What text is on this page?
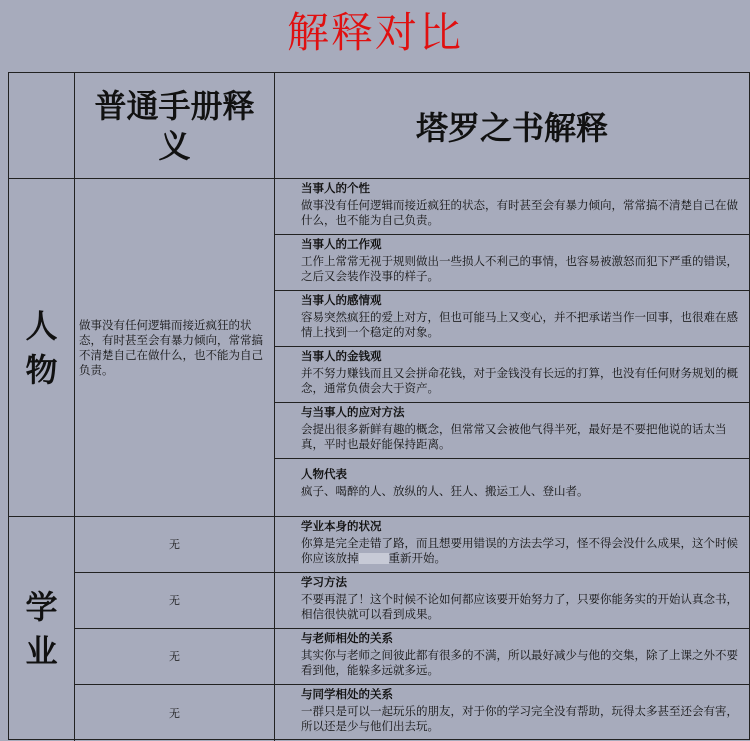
解释对比
普通手册释义	塔罗之书解释
人物
做事没有任何逻辑而接近疯狂的状态，有时甚至会有暴力倾向，常常搞不清楚自己在做什么，也不能为自己负责。
当事人的个性
做事没有任何逻辑而接近疯狂的状态，有时甚至会有暴力倾向，常常搞不清楚自己在做什么，也不能为自己负责。
当事人的工作观
工作上常常无视于规则做出一些损人不利己的事情，也容易被激怒而犯下严重的错误，之后又会装作没事的样子。
当事人的感情观
容易突然疯狂的爱上对方，但也可能马上又变心，并不把承诺当作一回事，也很难在感情上找到一个稳定的对象。
当事人的金钱观
并不努力赚钱而且又会拼命花钱，对于金钱没有长远的打算，也没有任何财务规划的概念，通常负债会大于资产。
与当事人的应对方法
会提出很多新鲜有趣的概念，但常常又会被他气得半死，最好是不要把他说的话太当真，平时也最好能保持距离。
人物代表
疯子、喝醉的人、放纵的人、狂人、搬运工人、登山者。
学业
无
学业本身的状况
你算是完全走错了路，而且想要用错误的方法去学习，怪不得会没什么成果，这个时候你应该放掉	重新开始。
无
学习方法
不要再混了！这个时候不论如何都应该要开始努力了，只要你能务实的开始认真念书，相信很快就可以看到成果。
无
与老师相处的关系
其实你与老师之间彼此都有很多的不满，所以最好减少与他的交集，除了上课之外不要看到他，能躲多远就多远。
无
与同学相处的关系
一群只是可以一起玩乐的朋友，对于你的学习完全没有帮助，玩得太多甚至还会有害，所以还是少与他们出去玩。
